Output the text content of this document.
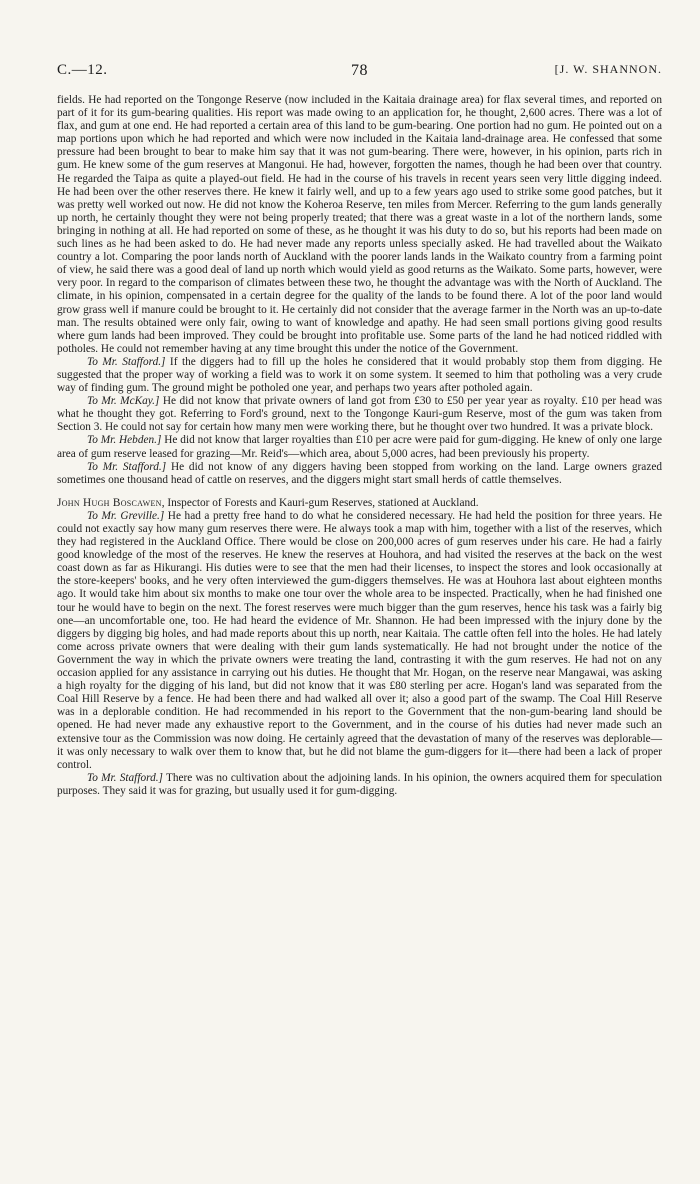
C.—12.	78	[J. W. SHANNON.

fields. He had reported on the Tongonge Reserve (now included in the Kaitaia drainage area) for flax several times, and reported on part of it for its gum-bearing qualities. His report was made owing to an application for, he thought, 2,600 acres. There was a lot of flax, and gum at one end. He had reported a certain area of this land to be gum-bearing. One portion had no gum. He pointed out on a map portions upon which he had reported and which were now included in the Kaitaia land-drainage area. He confessed that some pressure had been brought to bear to make him say that it was not gum-bearing. There were, however, in his opinion, parts rich in gum. He knew some of the gum reserves at Mangonui. He had, however, forgotten the names, though he had been over that country. He regarded the Taipa as quite a played-out field. He had in the course of his travels in recent years seen very little digging indeed. He had been over the other reserves there. He knew it fairly well, and up to a few years ago used to strike some good patches, but it was pretty well worked out now. He did not know the Koheroa Reserve, ten miles from Mercer. Referring to the gum lands generally up north, he certainly thought they were not being properly treated; that there was a great waste in a lot of the northern lands, some bringing in nothing at all. He had reported on some of these, as he thought it was his duty to do so, but his reports had been made on such lines as he had been asked to do. He had never made any reports unless specially asked. He had travelled about the Waikato country a lot. Comparing the poor lands north of Auckland with the poorer lands lands in the Waikato country from a farming point of view, he said there was a good deal of land up north which would yield as good returns as the Waikato. Some parts, however, were very poor. In regard to the comparison of climates between these two, he thought the advantage was with the North of Auckland. The climate, in his opinion, compensated in a certain degree for the quality of the lands to be found there. A lot of the poor land would grow grass well if manure could be brought to it. He certainly did not consider that the average farmer in the North was an up-to-date man. The results obtained were only fair, owing to want of knowledge and apathy. He had seen small portions giving good results where gum lands had been improved. They could be brought into profitable use. Some parts of the land he had noticed riddled with potholes. He could not remember having at any time brought this under the notice of the Government.

To Mr. Stafford.] If the diggers had to fill up the holes he considered that it would probably stop them from digging. He suggested that the proper way of working a field was to work it on some system. It seemed to him that potholing was a very crude way of finding gum. The ground might be potholed one year, and perhaps two years after potholed again.

To Mr. McKay.] He did not know that private owners of land got from £30 to £50 per year year as royalty. £10 per head was what he thought they got. Referring to Ford's ground, next to the Tongonge Kauri-gum Reserve, most of the gum was taken from Section 3. He could not say for certain how many men were working there, but he thought over two hundred. It was a private block.

To Mr. Hebden.] He did not know that larger royalties than £10 per acre were paid for gum-digging. He knew of only one large area of gum reserve leased for grazing—Mr. Reid's—which area, about 5,000 acres, had been previously his property.

To Mr. Stafford.] He did not know of any diggers having been stopped from working on the land. Large owners grazed sometimes one thousand head of cattle on reserves, and the diggers might start small herds of cattle themselves.

John Hugh Boscawen, Inspector of Forests and Kauri-gum Reserves, stationed at Auckland.

To Mr. Greville.] He had a pretty free hand to do what he considered necessary. He had held the position for three years. He could not exactly say how many gum reserves there were. He always took a map with him, together with a list of the reserves, which they had registered in the Auckland Office. There would be close on 200,000 acres of gum reserves under his care. He had a fairly good knowledge of the most of the reserves. He knew the reserves at Houhora, and had visited the reserves at the back on the west coast down as far as Hikurangi. His duties were to see that the men had their licenses, to inspect the stores and look occasionally at the store-keepers' books, and he very often interviewed the gum-diggers themselves. He was at Houhora last about eighteen months ago. It would take him about six months to make one tour over the whole area to be inspected. Practically, when he had finished one tour he would have to begin on the next. The forest reserves were much bigger than the gum reserves, hence his task was a fairly big one—an uncomfortable one, too. He had heard the evidence of Mr. Shannon. He had been impressed with the injury done by the diggers by digging big holes, and had made reports about this up north, near Kaitaia. The cattle often fell into the holes. He had lately come across private owners that were dealing with their gum lands systematically. He had not brought under the notice of the Government the way in which the private owners were treating the land, contrasting it with the gum reserves. He had not on any occasion applied for any assistance in carrying out his duties. He thought that Mr. Hogan, on the reserve near Mangawai, was asking a high royalty for the digging of his land, but did not know that it was £80 sterling per acre. Hogan's land was separated from the Coal Hill Reserve by a fence. He had been there and had walked all over it; also a good part of the swamp. The Coal Hill Reserve was in a deplorable condition. He had recommended in his report to the Government that the non-gum-bearing land should be opened. He had never made any exhaustive report to the Government, and in the course of his duties had never made such an extensive tour as the Commission was now doing. He certainly agreed that the devastation of many of the reserves was deplorable—it was only necessary to walk over them to know that, but he did not blame the gum-diggers for it—there had been a lack of proper control.

To Mr. Stafford.] There was no cultivation about the adjoining lands. In his opinion, the owners acquired them for speculation purposes. They said it was for grazing, but usually used it for gum-digging.
